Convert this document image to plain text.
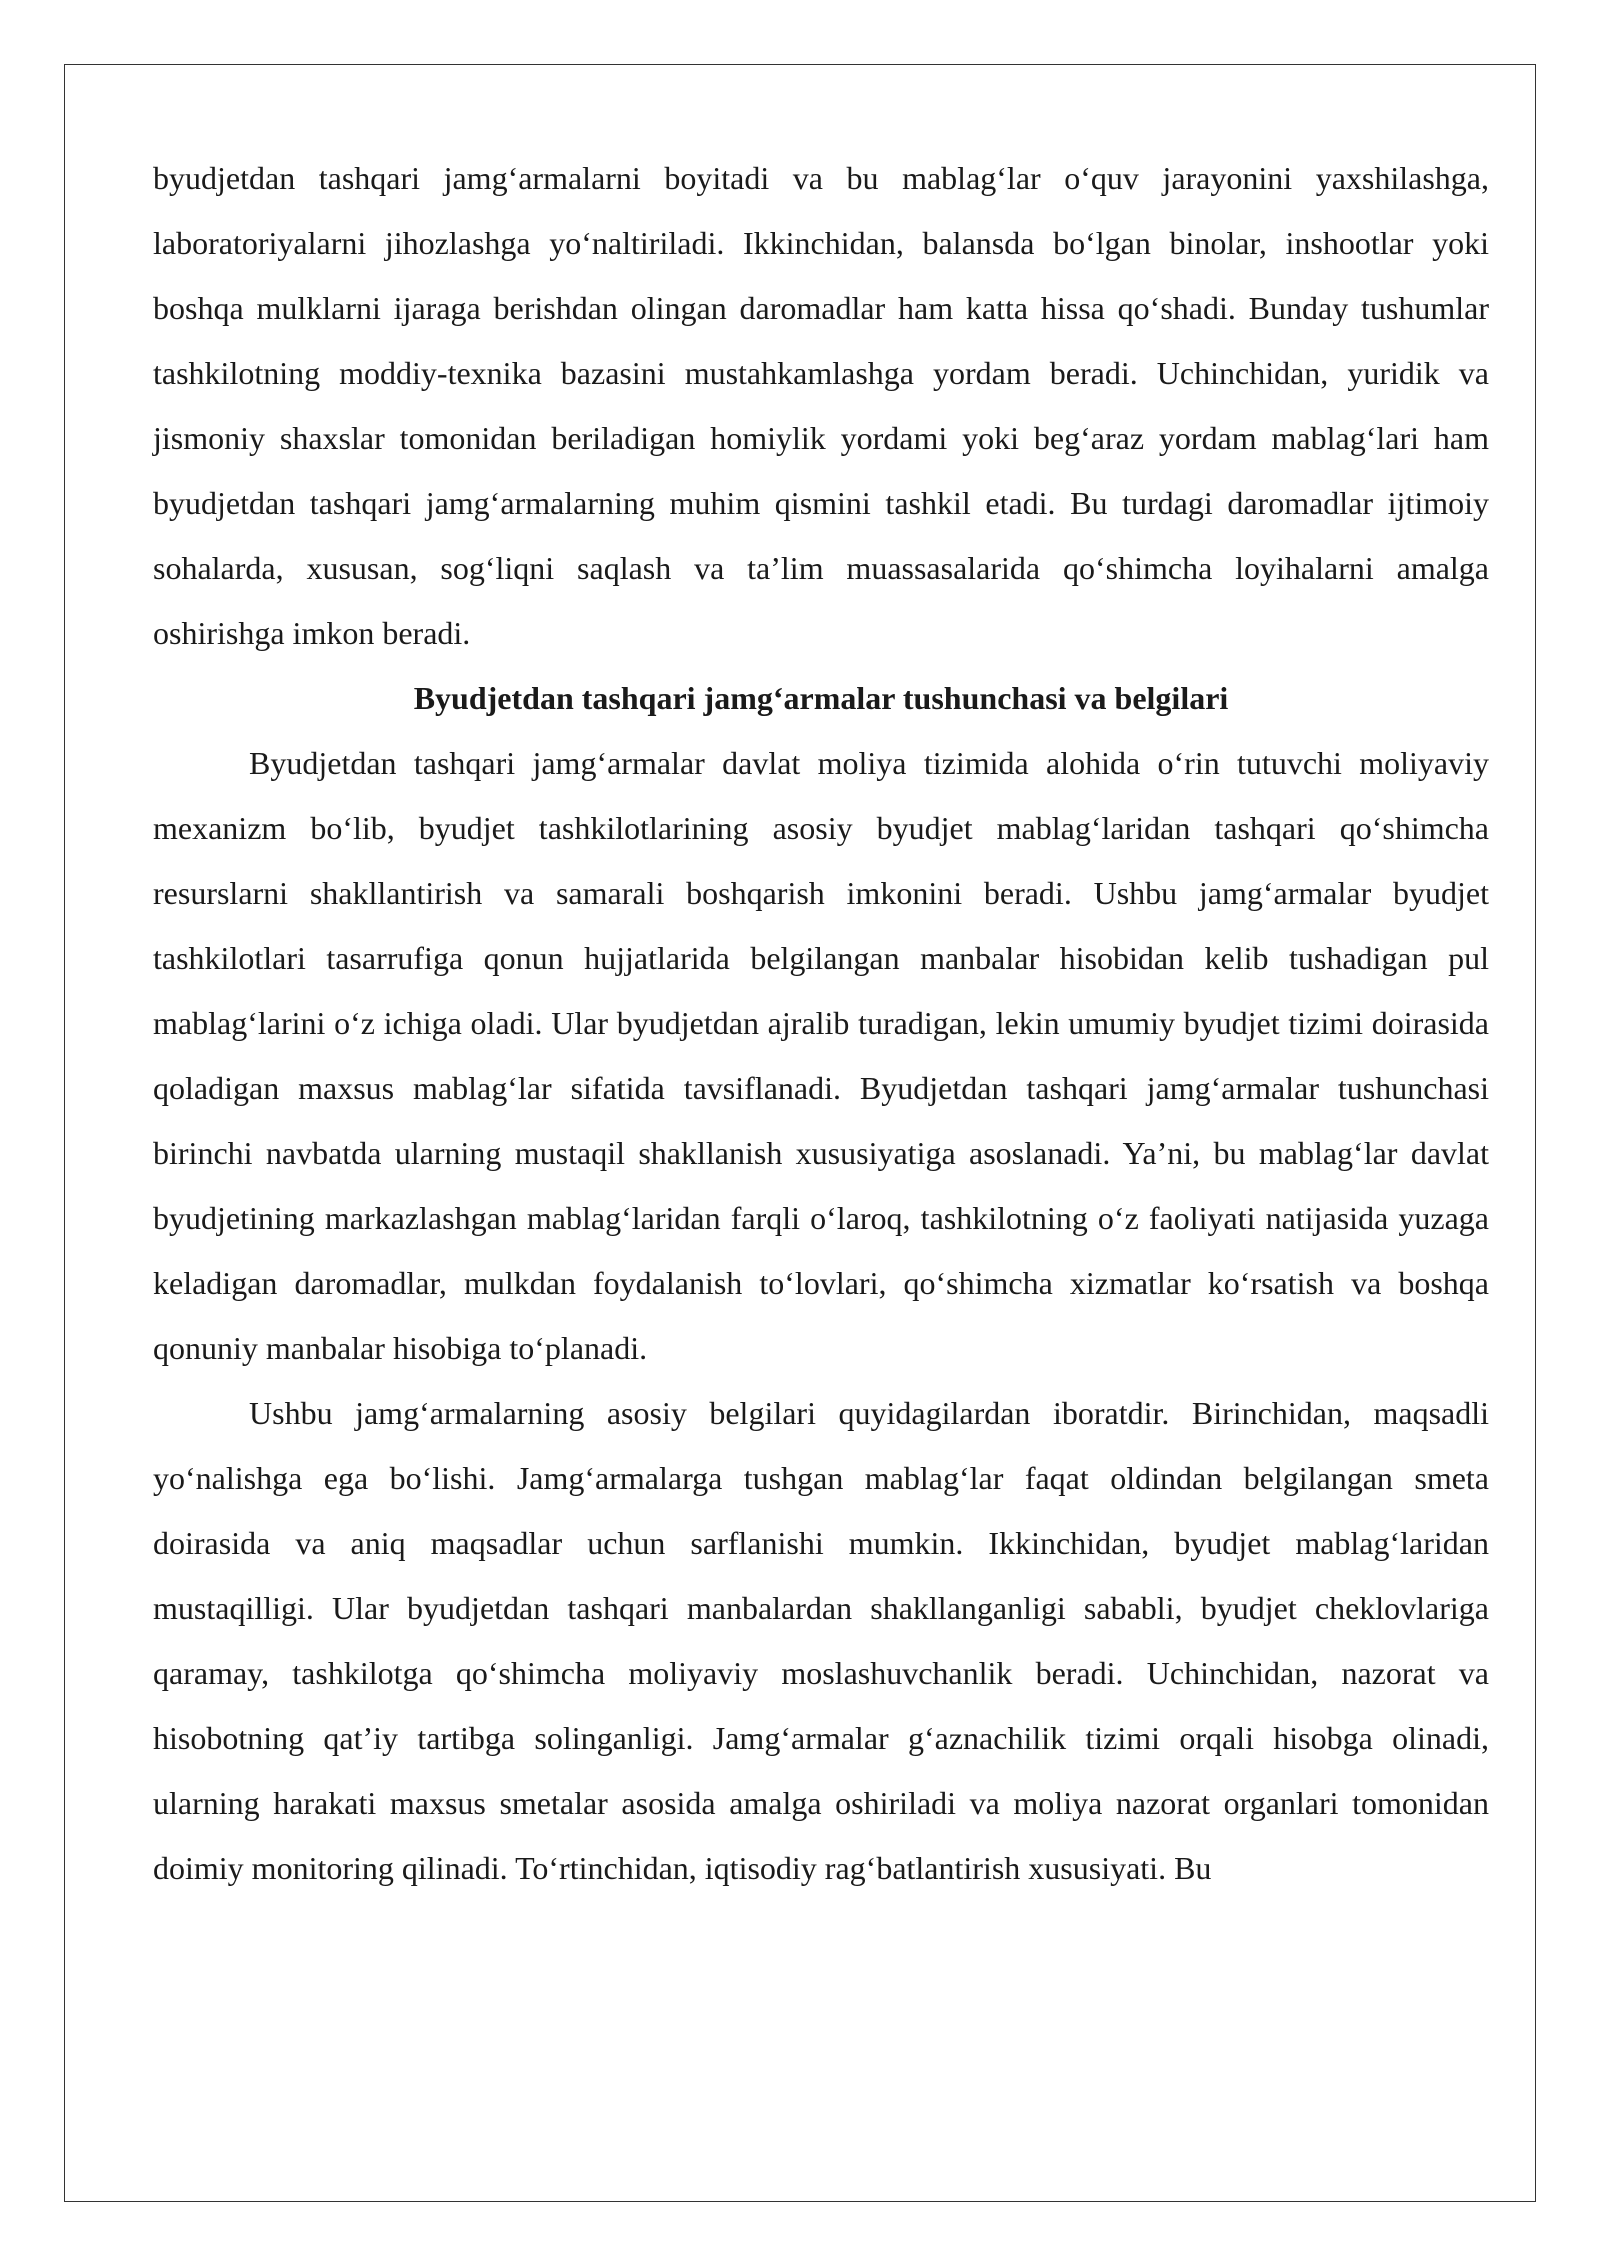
byudjetdan tashqari jamg‘armalarni boyitadi va bu mablag‘lar o‘quv jarayonini yaxshilashga, laboratoriyalarni jihozlashga yo‘naltiriladi. Ikkinchidan, balansda bo‘lgan binolar, inshootlar yoki boshqa mulklarni ijaraga berishdan olingan daromadlar ham katta hissa qo‘shadi. Bunday tushumlar tashkilotning moddiy-texnika bazasini mustahkamlashga yordam beradi. Uchinchidan, yuridik va jismoniy shaxslar tomonidan beriladigan homiylik yordami yoki beg‘araz yordam mablag‘lari ham byudjetdan tashqari jamg‘armalarning muhim qismini tashkil etadi. Bu turdagi daromadlar ijtimoiy sohalarda, xususan, sog‘liqni saqlash va ta’lim muassasalarida qo‘shimcha loyihalarni amalga oshirishga imkon beradi.

Byudjetdan tashqari jamg‘armalar tushunchasi va belgilari

Byudjetdan tashqari jamg‘armalar davlat moliya tizimida alohida o‘rin tutuvchi moliyaviy mexanizm bo‘lib, byudjet tashkilotlarining asosiy byudjet mablag‘laridan tashqari qo‘shimcha resurslarni shakllantirish va samarali boshqarish imkonini beradi. Ushbu jamg‘armalar byudjet tashkilotlari tasarrufiga qonun hujjatlarida belgilangan manbalar hisobidan kelib tushadigan pul mablag‘larini o‘z ichiga oladi. Ular byudjetdan ajralib turadigan, lekin umumiy byudjet tizimi doirasida qoladigan maxsus mablag‘lar sifatida tavsiflanadi. Byudjetdan tashqari jamg‘armalar tushunchasi birinchi navbatda ularning mustaqil shakllanish xususiyatiga asoslanadi. Ya’ni, bu mablag‘lar davlat byudjetining markazlashgan mablag‘laridan farqli o‘laroq, tashkilotning o‘z faoliyati natijasida yuzaga keladigan daromadlar, mulkdan foydalanish to‘lovlari, qo‘shimcha xizmatlar ko‘rsatish va boshqa qonuniy manbalar hisobiga to‘planadi.

Ushbu jamg‘armalarning asosiy belgilari quyidagilardan iboratdir. Birinchidan, maqsadli yo‘nalishga ega bo‘lishi. Jamg‘armalarga tushgan mablag‘lar faqat oldindan belgilangan smeta doirasida va aniq maqsadlar uchun sarflanishi mumkin. Ikkinchidan, byudjet mablag‘laridan mustaqilligi. Ular byudjetdan tashqari manbalardan shakllanganligi sababli, byudjet cheklovlariga qaramay, tashkilotga qo‘shimcha moliyaviy moslashuvchanlik beradi. Uchinchidan, nazorat va hisobotning qat’iy tartibga solinganligi. Jamg‘armalar g‘aznachilik tizimi orqali hisobga olinadi, ularning harakati maxsus smetalar asosida amalga oshiriladi va moliya nazorat organlari tomonidan doimiy monitoring qilinadi. To‘rtinchidan, iqtisodiy rag‘batlantirish xususiyati. Bu
